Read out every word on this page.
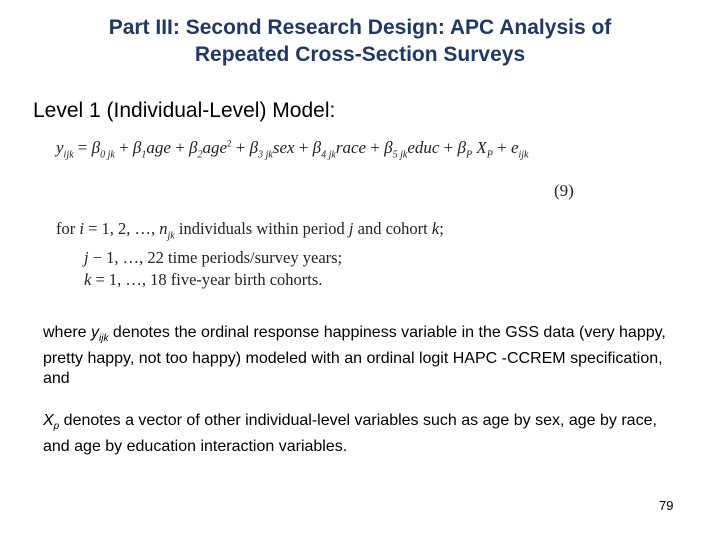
Part III: Second Research Design: APC Analysis of
Repeated Cross-Section Surveys
Level 1 (Individual-Level) Model:
$y_{ijk} = \beta_{0 jk} + \beta_1age + \beta_2age^2 + \beta_{3 jk}sex$ + $\beta_{4 jk}race$ + $\beta_{5 jk}educ + \beta_P$ $X_P + e_{ijk}$
(9)
for i = 1, 2, …, $n_{jk}$ individuals within period j and cohort k;
j − 1, …, 22 time periods/survey years;
k = 1, …, 18 five-year birth cohorts.
where $y_{ijk}$ denotes the ordinal response happiness variable in the GSS data (very happy, pretty happy, not too happy) modeled with an ordinal logit HAPC -CCREM specification, and
$X_p$ denotes a vector of other individual-level variables such as age by sex, age by race, and age by education interaction variables.
79
